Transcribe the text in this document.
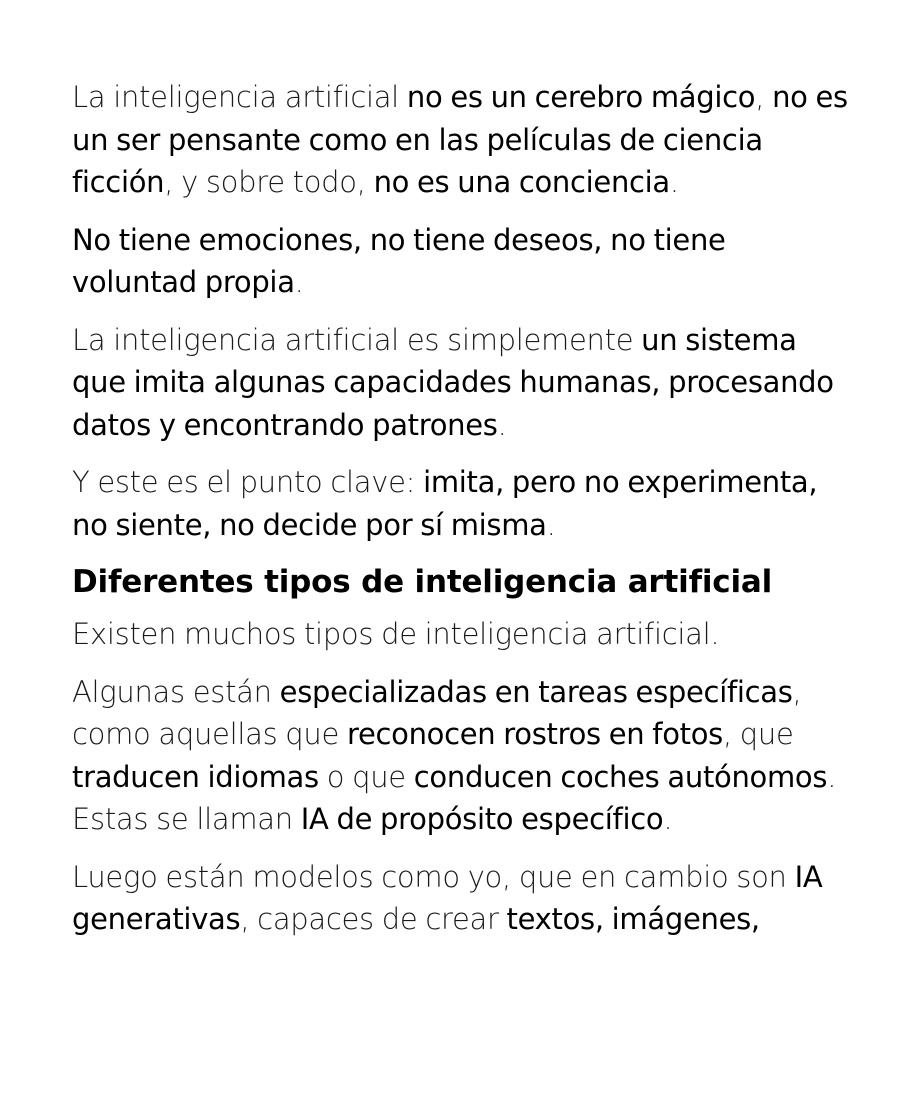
La inteligencia artificial no es un cerebro mágico, no es un ser pensante como en las películas de ciencia ficción, y sobre todo, no es una conciencia.

No tiene emociones, no tiene deseos, no tiene voluntad propia.

La inteligencia artificial es simplemente un sistema que imita algunas capacidades humanas, procesando datos y encontrando patrones.

Y este es el punto clave: imita, pero no experimenta, no siente, no decide por sí misma.

Diferentes tipos de inteligencia artificial

Existen muchos tipos de inteligencia artificial.

Algunas están especializadas en tareas específicas, como aquellas que reconocen rostros en fotos, que traducen idiomas o que conducen coches autónomos. Estas se llaman IA de propósito específico.

Luego están modelos como yo, que en cambio son IA generativas, capaces de crear textos, imágenes,
